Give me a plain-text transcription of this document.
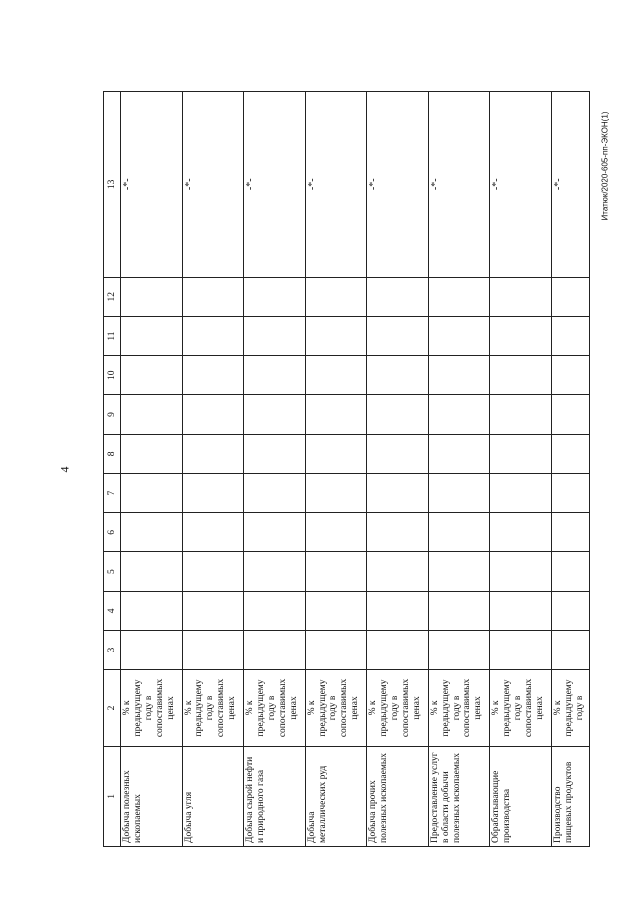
4
Итатюк/2020-605-пп-ЭКОН(1)
1	2	3	4	5	6	7	8	9	10	11	12	13
Добыча полезных ископаемых	% к предыдущему году в сопоставимых ценах											-*-
Добыча угля	% к предыдущему году в сопоставимых ценах											-*-
Добыча сырой нефти и природного газа	% к предыдущему году в сопоставимых ценах											-*-
Добыча металлических руд	% к предыдущему году в сопоставимых ценах											-*-
Добыча прочих полезных ископаемых	% к предыдущему году в сопоставимых ценах											-*-
Предоставление услуг в области добычи полезных ископаемых	% к предыдущему году в сопоставимых ценах											-*-
Обрабатывающие производства	% к предыдущему году в сопоставимых ценах											-*-
Производство пищевых продуктов	% к предыдущему году в											-*-
